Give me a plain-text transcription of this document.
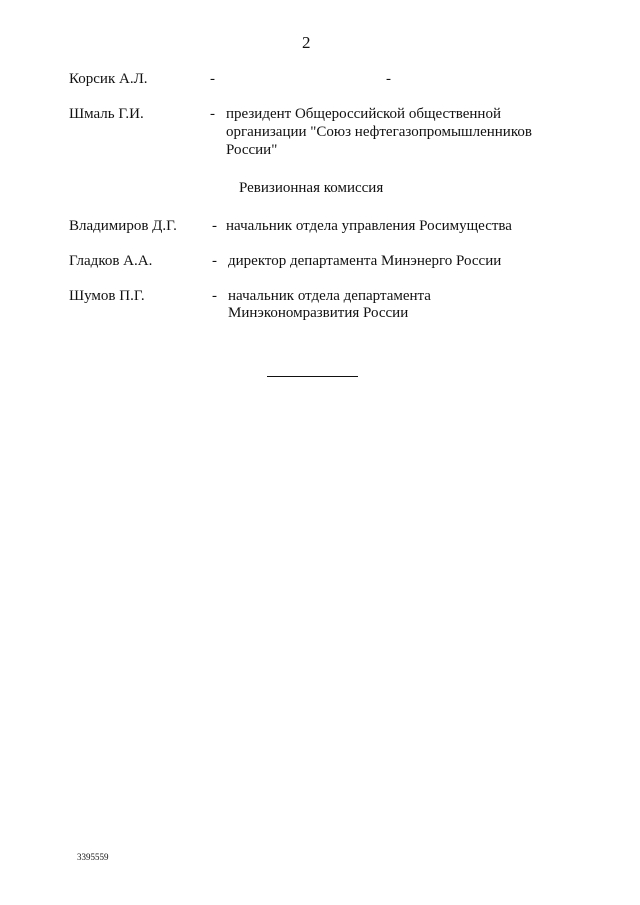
2
Корсик А.Л.	-	-
Шмаль Г.И.	- президент Общероссийской общественной
организации "Союз нефтегазопромышленников
России"
Ревизионная комиссия
Владимиров Д.Г. - начальник отдела управления Росимущества
Гладков А.А.	- директор департамента Минэнерго России
Шумов П.Г.	- начальник отдела департамента
Минэкономразвития России
3395559
